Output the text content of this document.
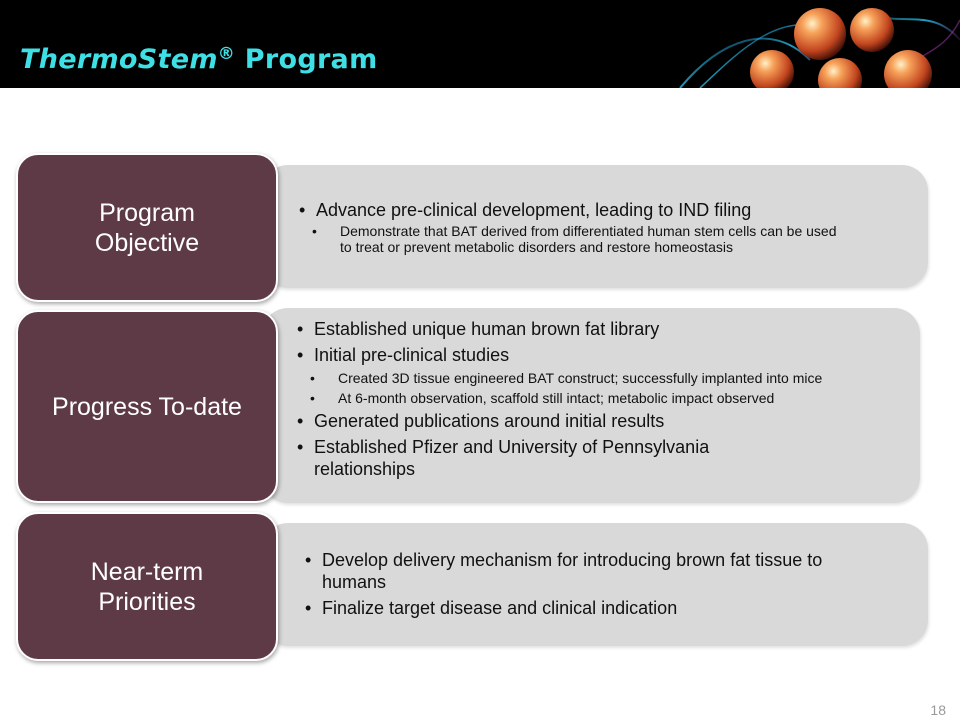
ThermoStem® Program
• Advance pre-clinical development, leading to IND filing
• Demonstrate that BAT derived from differentiated human stem cells can be used to treat or prevent metabolic disorders and restore homeostasis
Program
Objective
• Established unique human brown fat library
• Initial pre-clinical studies
• Created 3D tissue engineered BAT construct; successfully implanted into mice
• At 6-month observation, scaffold still intact; metabolic impact observed
• Generated publications around initial results
• Established Pfizer and University of Pennsylvania relationships
Progress To-date
• Develop delivery mechanism for introducing brown fat tissue to humans
• Finalize target disease and clinical indication
Near-term
Priorities
18
